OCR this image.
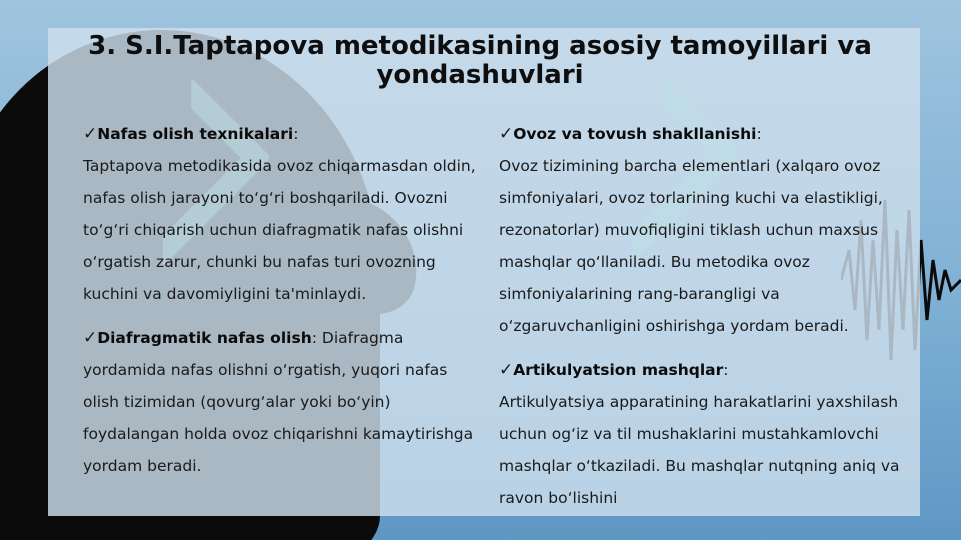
3. S.I.Taptapova metodikasining asosiy tamoyillari va yondashuvlari

✓Nafas olish texnikalari:
Taptapova metodikasida ovoz chiqarmasdan oldin, nafas olish jarayoni to‘g‘ri boshqariladi. Ovozni to‘g‘ri chiqarish uchun diafragmatik nafas olishni o‘rgatish zarur, chunki bu nafas turi ovozning kuchini va davomiyligini ta'minlaydi.

✓Diafragmatik nafas olish: Diafragma yordamida nafas olishni o‘rgatish, yuqori nafas olish tizimidan (qovurg‘alar yoki bo‘yin) foydalangan holda ovoz chiqarishni kamaytirishga yordam beradi.

✓Ovoz va tovush shakllanishi:
Ovoz tizimining barcha elementlari (xalqaro ovoz simfoniyalari, ovoz torlarining kuchi va elastikligi, rezonatorlar) muvofiqligini tiklash uchun maxsus mashqlar qo‘llaniladi. Bu metodika ovoz simfoniyalarining rang-barangligi va o‘zgaruvchanligini oshirishga yordam beradi.

✓Artikulyatsion mashqlar:
Artikulyatsiya apparatining harakatlarini yaxshilash uchun og‘iz va til mushaklarini mustahkamlovchi mashqlar o‘tkaziladi. Bu mashqlar nutqning aniq va ravon bo‘lishini
